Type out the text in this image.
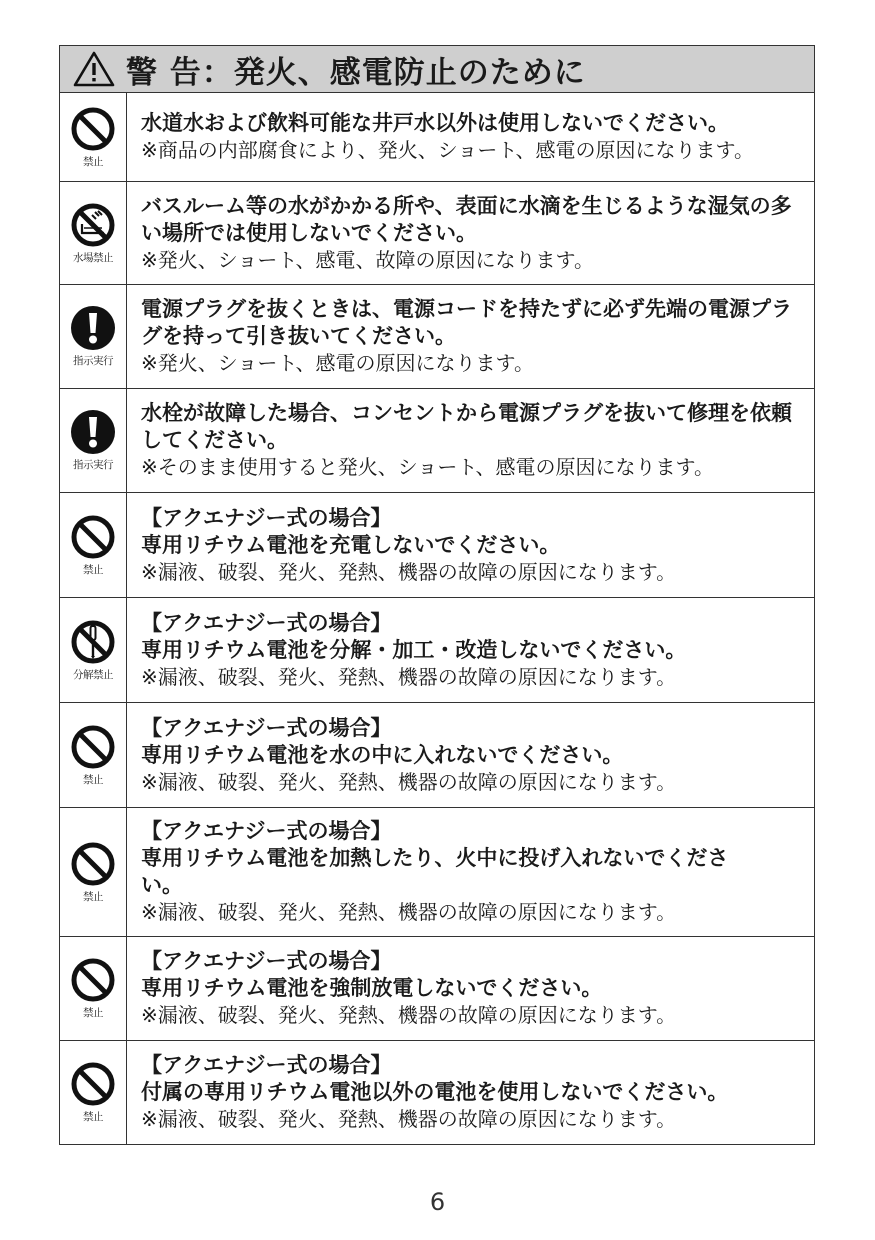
警 告：発火、感電防止のために
禁止
水道水および飲料可能な井戸水以外は使用しないでください。
※商品の内部腐食により、発火、ショート、感電の原因になります。
水場禁止
バスルーム等の水がかかる所や、表面に水滴を生じるような湿気の多い場所では使用しないでください。
※発火、ショート、感電、故障の原因になります。
指示実行
電源プラグを抜くときは、電源コードを持たずに必ず先端の電源プラグを持って引き抜いてください。
※発火、ショート、感電の原因になります。
指示実行
水栓が故障した場合、コンセントから電源プラグを抜いて修理を依頼してください。
※そのまま使用すると発火、ショート、感電の原因になります。
禁止
【アクエナジー式の場合】
専用リチウム電池を充電しないでください。
※漏液、破裂、発火、発熱、機器の故障の原因になります。
分解禁止
【アクエナジー式の場合】
専用リチウム電池を分解・加工・改造しないでください。
※漏液、破裂、発火、発熱、機器の故障の原因になります。
禁止
【アクエナジー式の場合】
専用リチウム電池を水の中に入れないでください。
※漏液、破裂、発火、発熱、機器の故障の原因になります。
禁止
【アクエナジー式の場合】
専用リチウム電池を加熱したり、火中に投げ入れないでくださ
い。
※漏液、破裂、発火、発熱、機器の故障の原因になります。
禁止
【アクエナジー式の場合】
専用リチウム電池を強制放電しないでください。
※漏液、破裂、発火、発熱、機器の故障の原因になります。
禁止
【アクエナジー式の場合】
付属の専用リチウム電池以外の電池を使用しないでください。
※漏液、破裂、発火、発熱、機器の故障の原因になります。
6
